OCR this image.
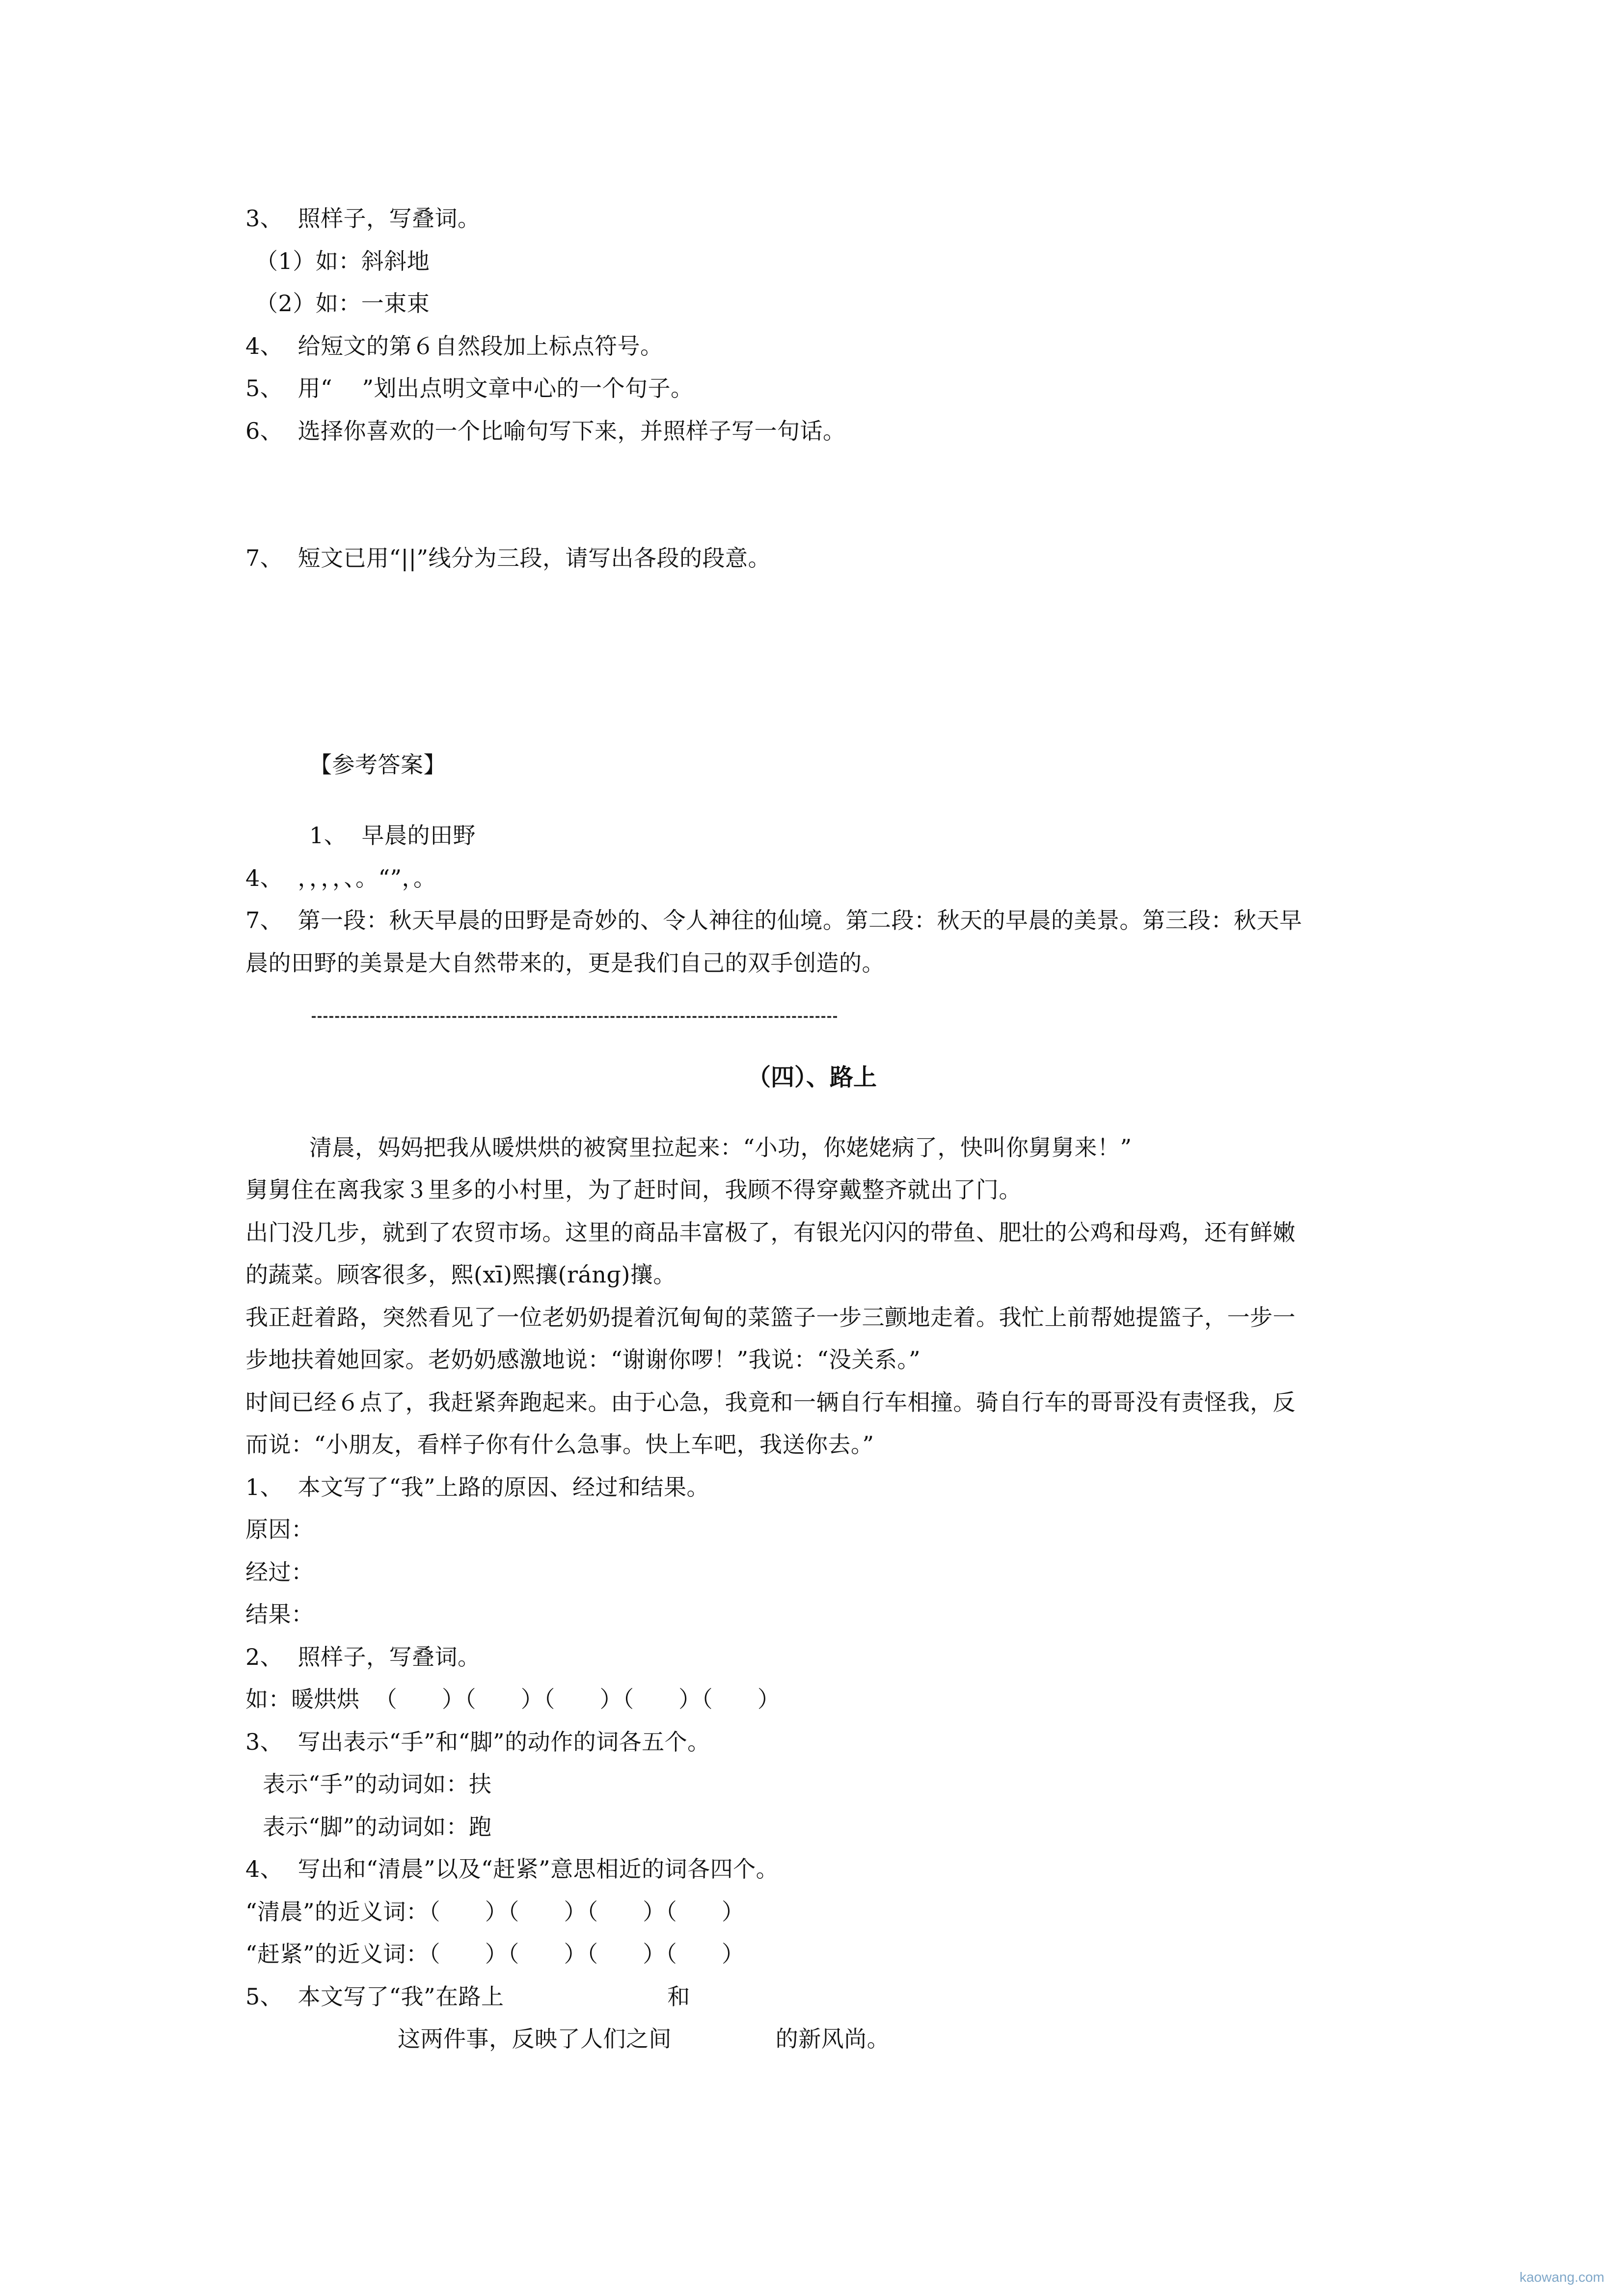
3、  照样子，写叠词。
（1）如：斜斜地
（2）如：一束束
4、  给短文的第６自然段加上标点符号。
5、  用“    ”划出点明文章中心的一个句子。
6、  选择你喜欢的一个比喻句写下来，并照样子写一句话。
7、  短文已用“||”线分为三段，请写出各段的段意。
【参考答案】
1、  早晨的田野
4、  ，，，，、。“”，。
7、  第一段：秋天早晨的田野是奇妙的、令人神往的仙境。第二段：秋天的早晨的美景。第三段：秋天早
晨的田野的美景是大自然带来的，更是我们自己的双手创造的。
（四）、路上
清晨，妈妈把我从暖烘烘的被窝里拉起来：“小功，你姥姥病了，快叫你舅舅来！”
舅舅住在离我家３里多的小村里，为了赶时间，我顾不得穿戴整齐就出了门。
出门没几步，就到了农贸市场。这里的商品丰富极了，有银光闪闪的带鱼、肥壮的公鸡和母鸡，还有鲜嫩
的蔬菜。顾客很多，熙(xī)熙攘(ránɡ)攘。
我正赶着路，突然看见了一位老奶奶提着沉甸甸的菜篮子一步三颤地走着。我忙上前帮她提篮子，一步一
步地扶着她回家。老奶奶感激地说：“谢谢你啰！”我说：“没关系。”
时间已经６点了，我赶紧奔跑起来。由于心急，我竟和一辆自行车相撞。骑自行车的哥哥没有责怪我，反
而说：“小朋友，看样子你有什么急事。快上车吧，我送你去。”
1、  本文写了“我”上路的原因、经过和结果。
原因：
经过：
结果：
2、  照样子，写叠词。
如：暖烘烘  （      ）（      ）（      ）（      ）（      ）
3、  写出表示“手”和“脚”的动作的词各五个。
表示“手”的动词如：扶
表示“脚”的动词如：跑
4、  写出和“清晨”以及“赶紧”意思相近的词各四个。
“清晨”的近义词：（      ）（      ）（      ）（      ）
“赶紧”的近义词：（      ）（      ）（      ）（      ）
5、  本文写了“我”在路上                      和
这两件事，反映了人们之间              的新风尚。
kaowang.com
